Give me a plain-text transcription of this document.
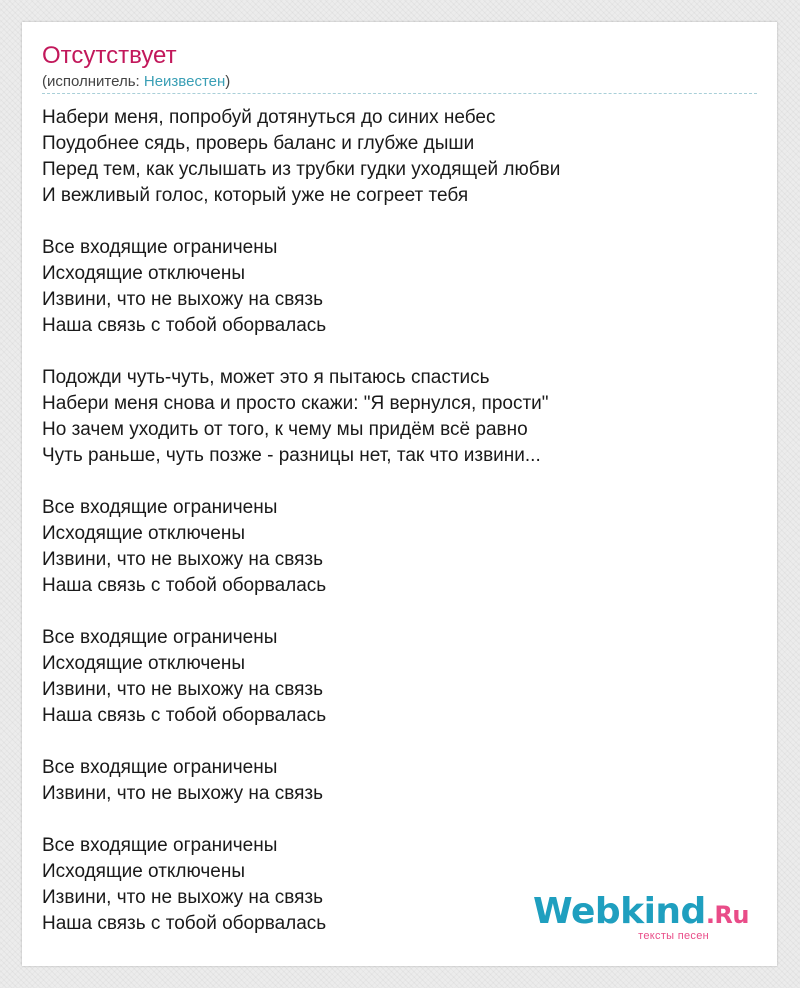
Отсутствует
(исполнитель: Неизвестен)
Набери меня, попробуй дотянуться до синих небес
Поудобнее сядь, проверь баланс и глубже дыши
Перед тем, как услышать из трубки гудки уходящей любви
И вежливый голос, который уже не согреет тебя
Все входящие ограничены
Исходящие отключены
Извини, что не выхожу на связь
Наша связь с тобой оборвалась
Подожди чуть-чуть, может это я пытаюсь спастись
Набери меня снова и просто скажи: "Я вернулся, прости"
Но зачем уходить от того, к чему мы придём всё равно
Чуть раньше, чуть позже - разницы нет, так что извини...
Все входящие ограничены
Исходящие отключены
Извини, что не выхожу на связь
Наша связь с тобой оборвалась
Все входящие ограничены
Исходящие отключены
Извини, что не выхожу на связь
Наша связь с тобой оборвалась
Все входящие ограничены
Извини, что не выхожу на связь
Все входящие ограничены
Исходящие отключены
Извини, что не выхожу на связь
Наша связь с тобой оборвалась	Webkind.Ru
тексты песен
